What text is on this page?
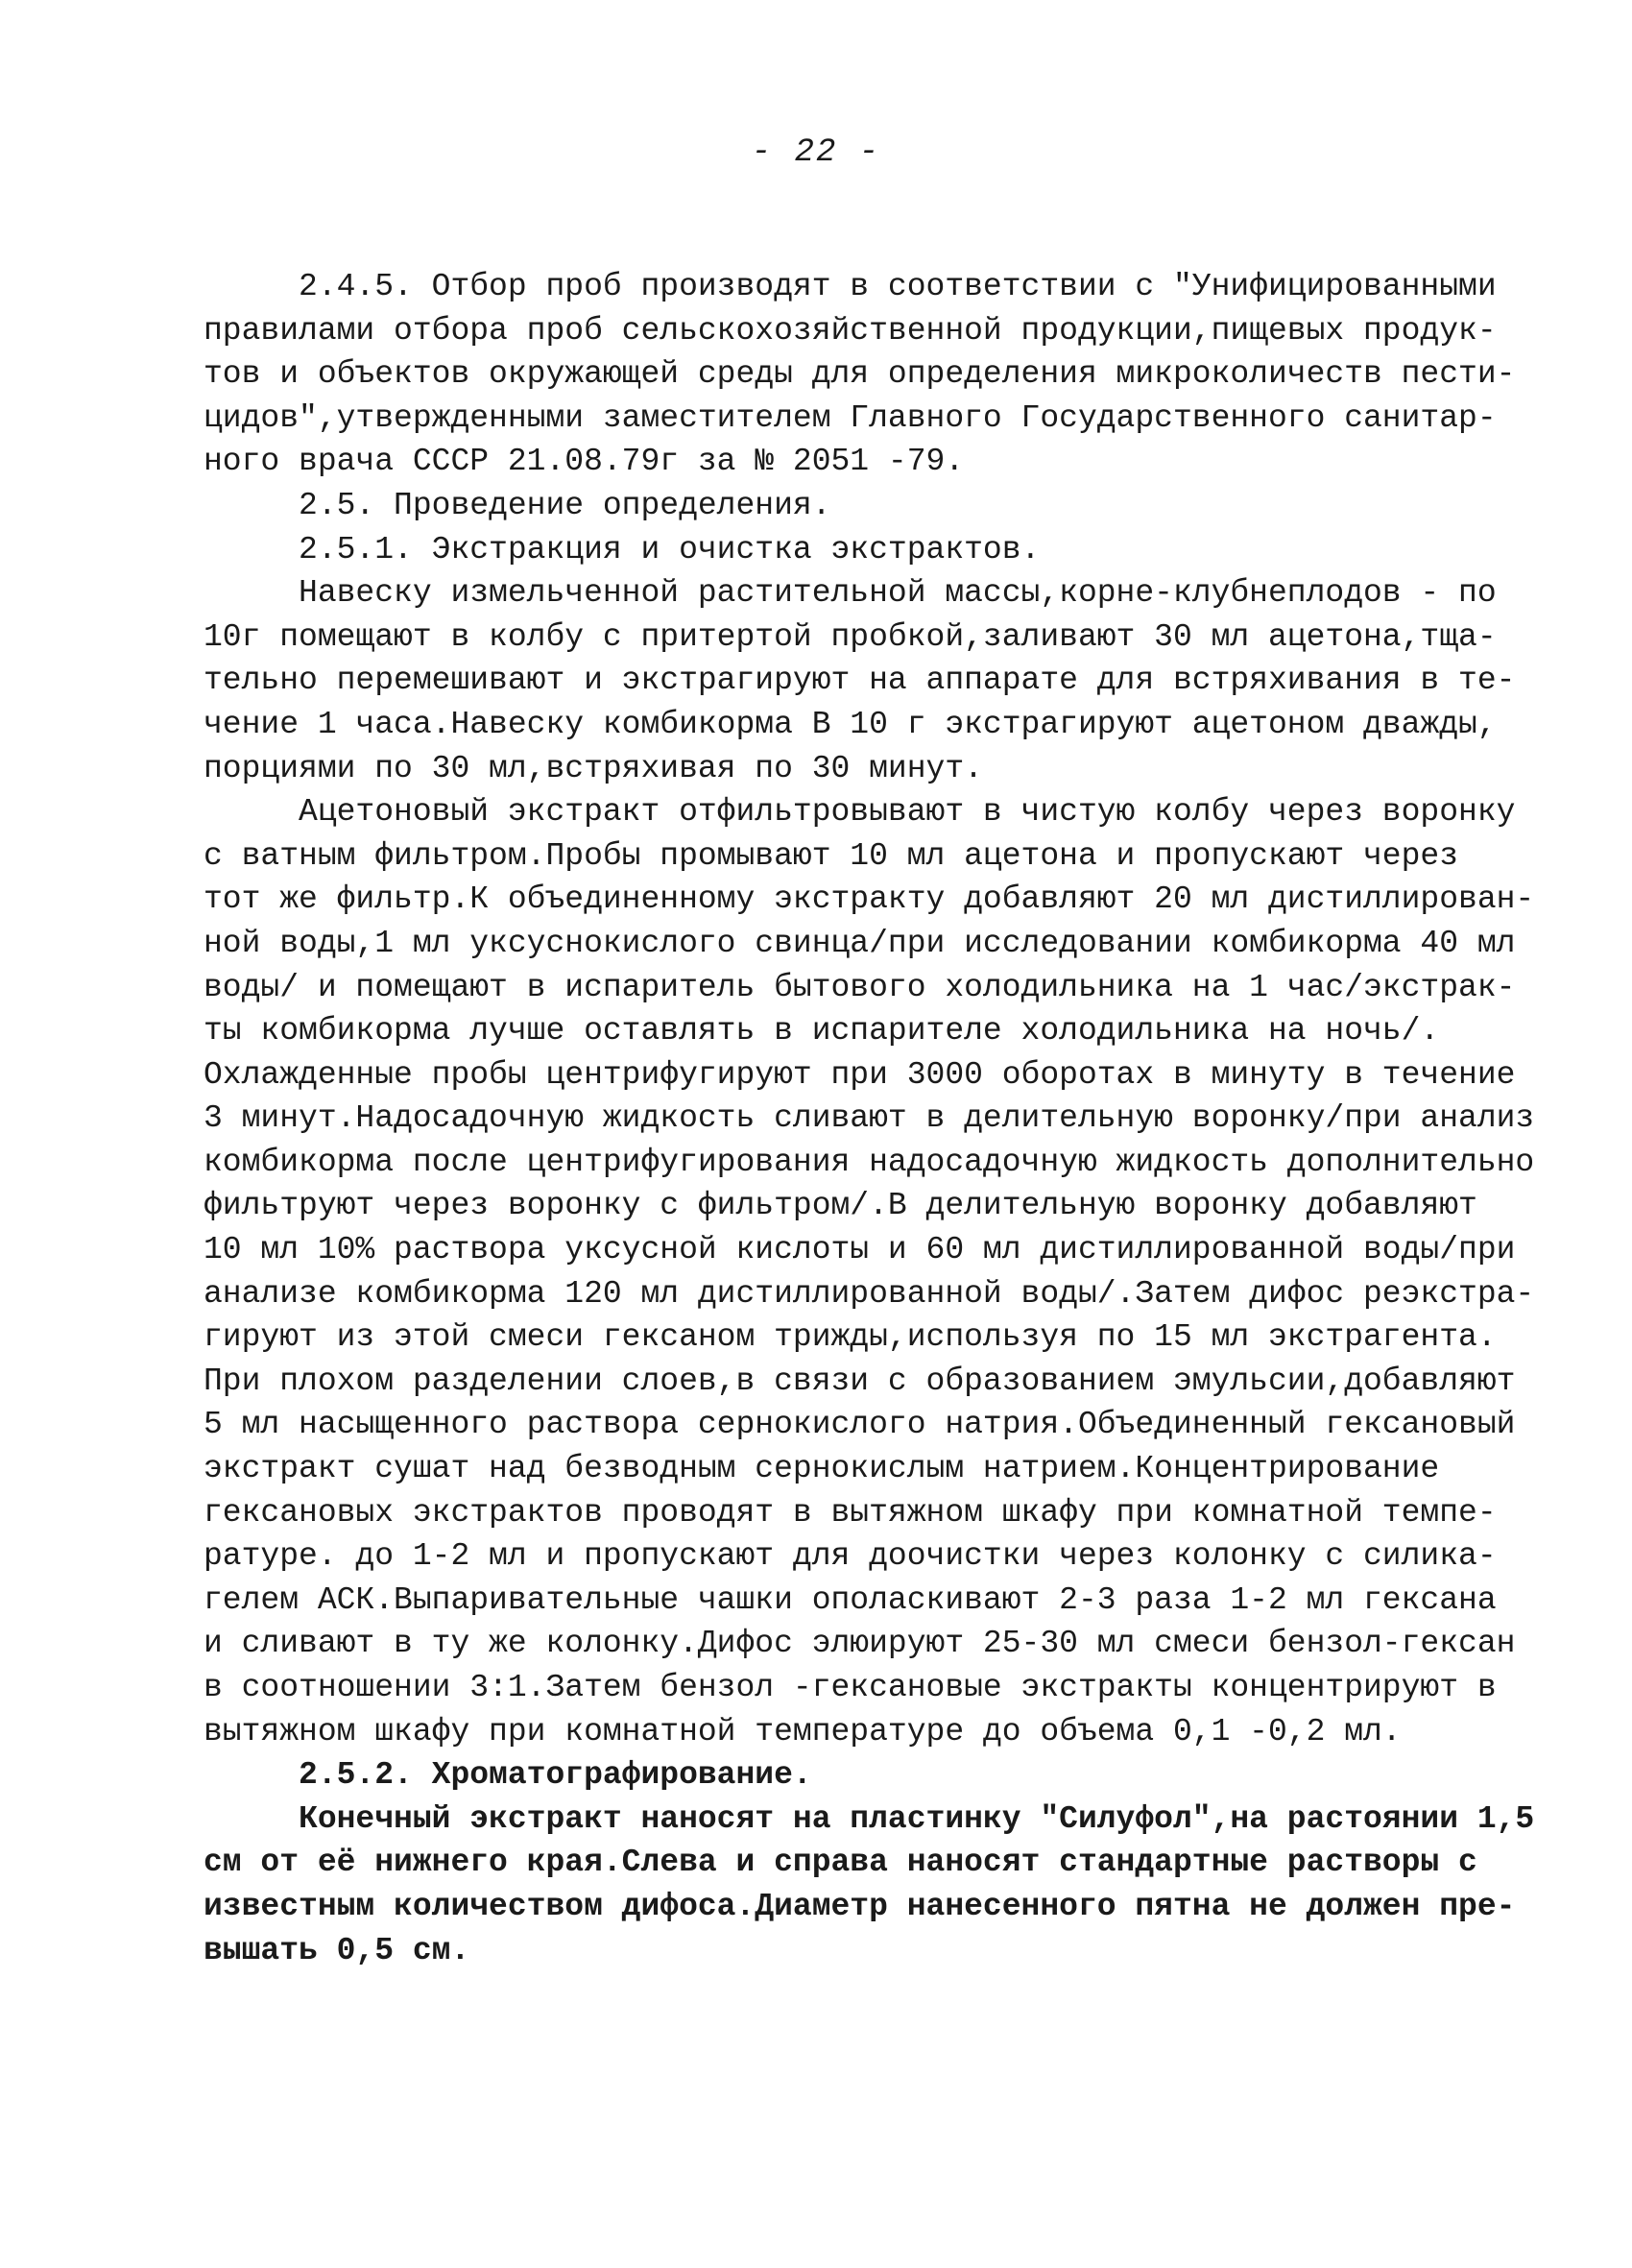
- 22 -
2.4.5. Отбор проб производят в соответствии с "Унифицированными
правилами отбора проб сельскохозяйственной продукции,пищевых продук-
тов и объектов окружающей среды для определения микроколичеств пести-
цидов",утвержденными заместителем Главного Государственного санитар-
ного врача СССР 21.08.79г за № 2051 -79.
2.5. Проведение определения.
2.5.1. Экстракция и очистка экстрактов.
Навеску измельченной растительной массы,корне-клубнеплодов - по
10г помещают в колбу с притертой пробкой,заливают 30 мл ацетона,тща-
тельно перемешивают и экстрагируют на аппарате для встряхивания в те-
чение 1 часа.Навеску комбикорма В 10 г экстрагируют ацетоном дважды,
порциями по 30 мл,встряхивая по 30 минут.
Ацетоновый экстракт отфильтровывают в чистую колбу через воронку
с ватным фильтром.Пробы промывают 10 мл ацетона и пропускают через
тот же фильтр.К объединенному экстракту добавляют 20 мл дистиллирован-
ной воды,1 мл уксуснокислого свинца/при исследовании комбикорма 40 мл
воды/ и помещают в испаритель бытового холодильника на 1 час/экстрак-
ты комбикорма лучше оставлять в испарителе холодильника на ночь/.
Охлажденные пробы центрифугируют при 3000 оборотах в минуту в течение
3 минут.Надосадочную жидкость сливают в делительную воронку/при анализ
комбикорма после центрифугирования надосадочную жидкость дополнительно
фильтруют через воронку с фильтром/.В делительную воронку добавляют
10 мл 10% раствора уксусной кислоты и 60 мл дистиллированной воды/при
анализе комбикорма 120 мл дистиллированной воды/.Затем дифос реэкстра-
гируют из этой смеси гексаном трижды,используя по 15 мл экстрагента.
При плохом разделении слоев,в связи с образованием эмульсии,добавляют
5 мл насыщенного раствора сернокислого натрия.Объединенный гексановый
экстракт сушат над безводным сернокислым натрием.Концентрирование
гексановых экстрактов проводят в вытяжном шкафу при комнатной темпе-
ратуре. до 1-2 мл и пропускают для доочистки через колонку с силика-
гелем АСК.Выпаривательные чашки ополаскивают 2-3 раза 1-2 мл гексана
и сливают в ту же колонку.Дифос элюируют 25-30 мл смеси бензол-гексан
в соотношении 3:1.Затем бензол -гексановые экстракты концентрируют в
вытяжном шкафу при комнатной температуре до объема 0,1 -0,2 мл.
2.5.2. Хроматографирование.
Конечный экстракт наносят на пластинку "Силуфол",на растоянии 1,5
см от её нижнего края.Слева и справа наносят стандартные растворы с
известным количеством дифоса.Диаметр нанесенного пятна не должен пре-
вышать 0,5 см.
